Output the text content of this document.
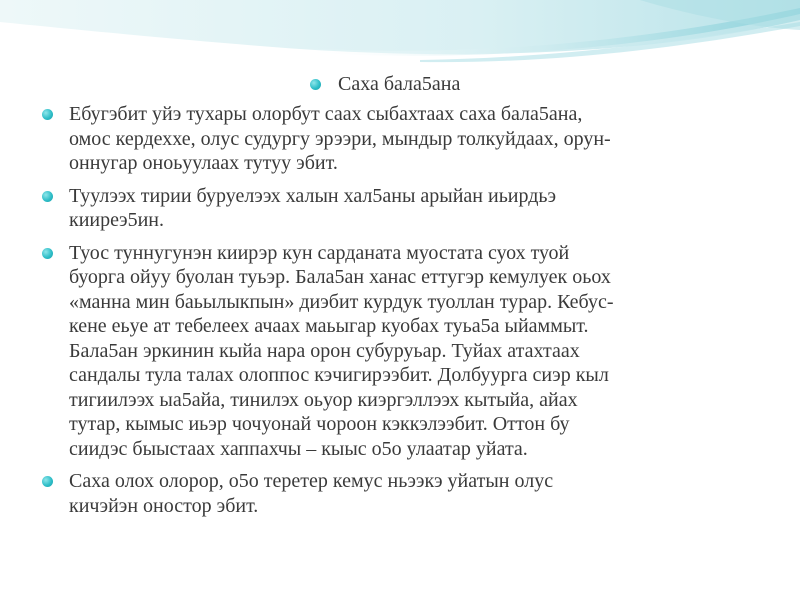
Саха бала5ана
Ебугэбит уйэ тухары олорбут саах сыбахтаах саха бала5ана,
омос кердеххе, олус судургу эрээри, мындыр толкуйдаах, орун-
оннугар оноьуулаах тутуу эбит.
Туулээх тирии буруелээх халын хал5аны арыйан иьирдьэ
кииреэ5ин.
Туос туннугунэн киирэр кун сарданата муостата суох туой
буорга ойуу буолан туьэр. Бала5ан ханас еттугэр кемулуек оьох
«манна мин баьылыкпын» диэбит курдук туоллан турар. Кебус-
кене еьуе ат тебелеех ачаах маьыгар куобах туьа5а ыйаммыт.
Бала5ан эркинин кыйа нара орон субуруьар. Туйах атахтаах
сандалы тула талах олоппос кэчигирээбит. Долбуурга сиэр кыл
тигиилээх ыа5айа, тинилэх оьуор киэргэллээх кытыйа, айах
тутар, кымыс иьэр чочуонай чороон кэккэлээбит. Оттон бу
сиидэс быыстаах хаппахчы – кыыс о5о улаатар уйата.
Саха олох олорор, о5о теретер кемус ньээкэ уйатын олус
кичэйэн оностор эбит.
